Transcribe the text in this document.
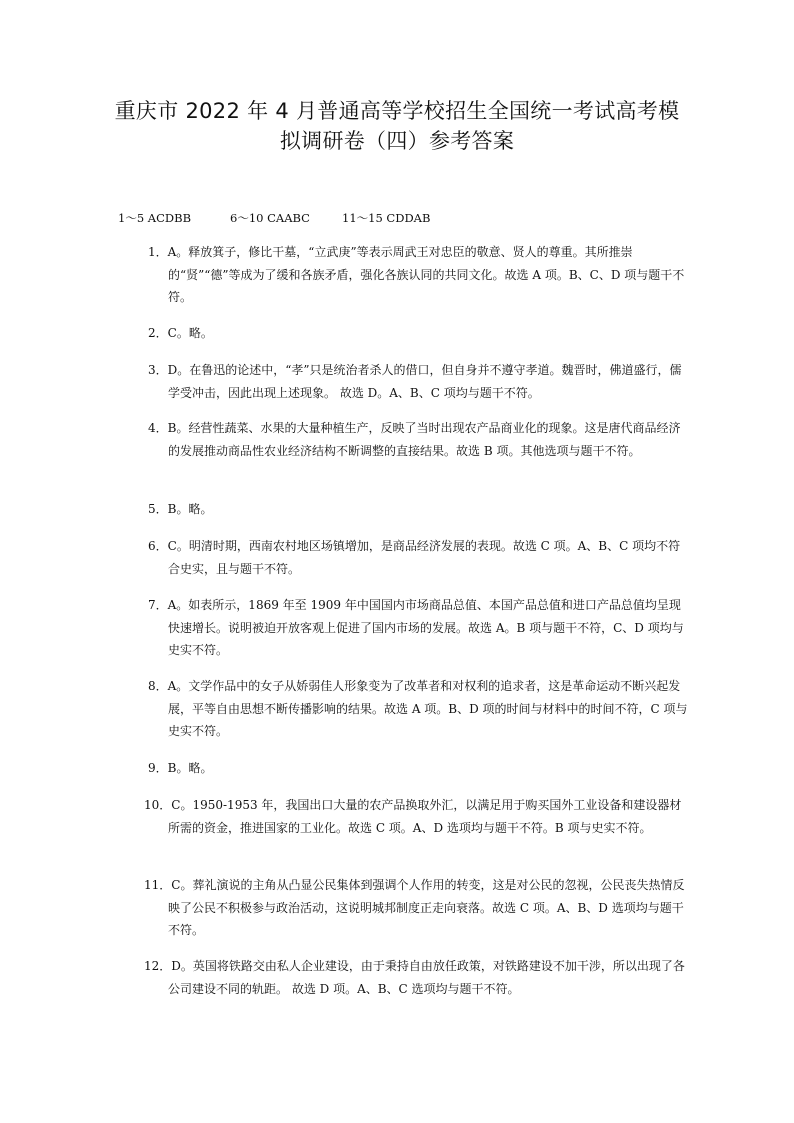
重庆市 2022 年 4 月普通高等学校招生全国统一考试高考模
拟调研卷（四）参考答案
1～5 ACDBB	6～10 CAABC	11～15 CDDAB
1．A。释放箕子，修比干墓，“立武庚”等表示周武王对忠臣的敬意、贤人的尊重。其所推崇的“贤”“德”等成为了缓和各族矛盾，强化各族认同的共同文化。故选 A 项。B、C、D 项与题干不符。
2．C。略。
3．D。在鲁迅的论述中，“孝”只是统治者杀人的借口，但自身并不遵守孝道。魏晋时，佛道盛行，儒学受冲击，因此出现上述现象。 故选 D。A、B、C 项均与题干不符。
4．B。经营性蔬菜、水果的大量种植生产，反映了当时出现农产品商业化的现象。这是唐代商品经济的发展推动商品性农业经济结构不断调整的直接结果。故选 B 项。其他选项与题干不符。
5．B。略。
6．C。明清时期，西南农村地区场镇增加，是商品经济发展的表现。故选 C 项。A、B、C 项均不符合史实，且与题干不符。
7．A。如表所示，1869 年至 1909 年中国国内市场商品总值、本国产品总值和进口产品总值均呈现快速增长。说明被迫开放客观上促进了国内市场的发展。故选 A。B 项与题干不符，C、D 项均与史实不符。
8．A。文学作品中的女子从娇弱佳人形象变为了改革者和对权利的追求者，这是革命运动不断兴起发展，平等自由思想不断传播影响的结果。故选 A 项。B、D 项的时间与材料中的时间不符，C 项与史实不符。
9．B。略。
10．C。1950-1953 年，我国出口大量的农产品换取外汇，以满足用于购买国外工业设备和建设器材所需的资金，推进国家的工业化。故选 C 项。A、D 选项均与题干不符。B 项与史实不符。
11．C。葬礼演说的主角从凸显公民集体到强调个人作用的转变，这是对公民的忽视，公民丧失热情反映了公民不积极参与政治活动，这说明城邦制度正走向衰落。故选 C 项。A、B、D 选项均与题干不符。
12．D。英国将铁路交由私人企业建设，由于秉持自由放任政策，对铁路建设不加干涉，所以出现了各公司建设不同的轨距。 故选 D 项。A、B、C 选项均与题干不符。
